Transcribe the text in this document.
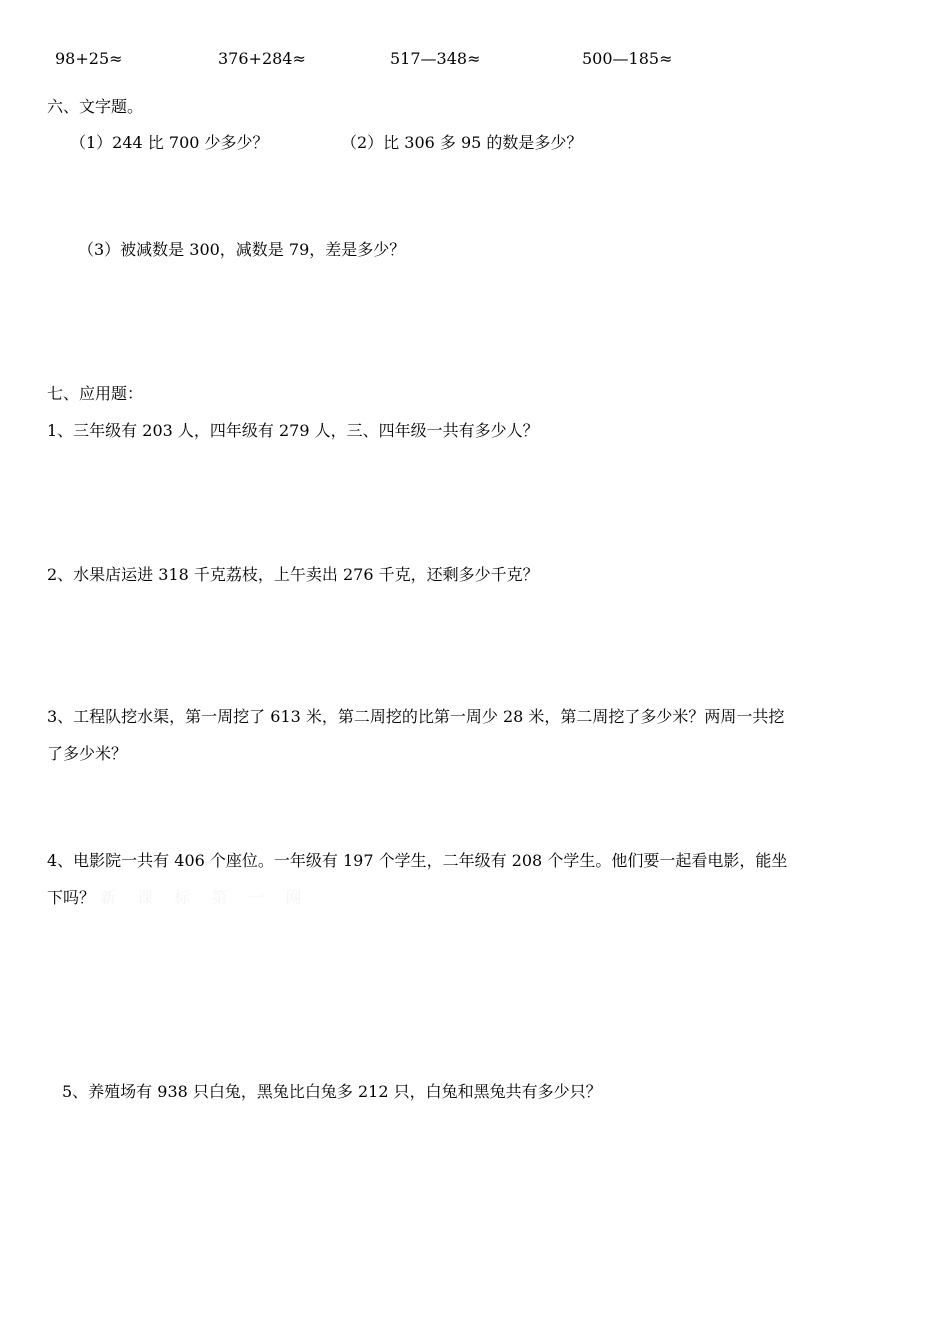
98+25≈	376+284≈	517—348≈	500—185≈
六、文字题。
（1）244 比 700 少多少？	（2）比 306 多 95 的数是多少？
（3）被减数是 300，减数是 79，差是多少？
七、应用题：
1、三年级有 203 人，四年级有 279 人，三、四年级一共有多少人？
2、水果店运进 318 千克荔枝，上午卖出 276 千克，还剩多少千克？
3、工程队挖水渠，第一周挖了 613 米，第二周挖的比第一周少 28 米，第二周挖了多少米？两周一共挖
了多少米？
4、电影院一共有 406 个座位。一年级有 197 个学生，二年级有 208 个学生。他们要一起看电影，能坐
下吗？ 新 课 标 第 一 网
5、养殖场有 938 只白兔，黑兔比白兔多 212 只，白兔和黑兔共有多少只？
